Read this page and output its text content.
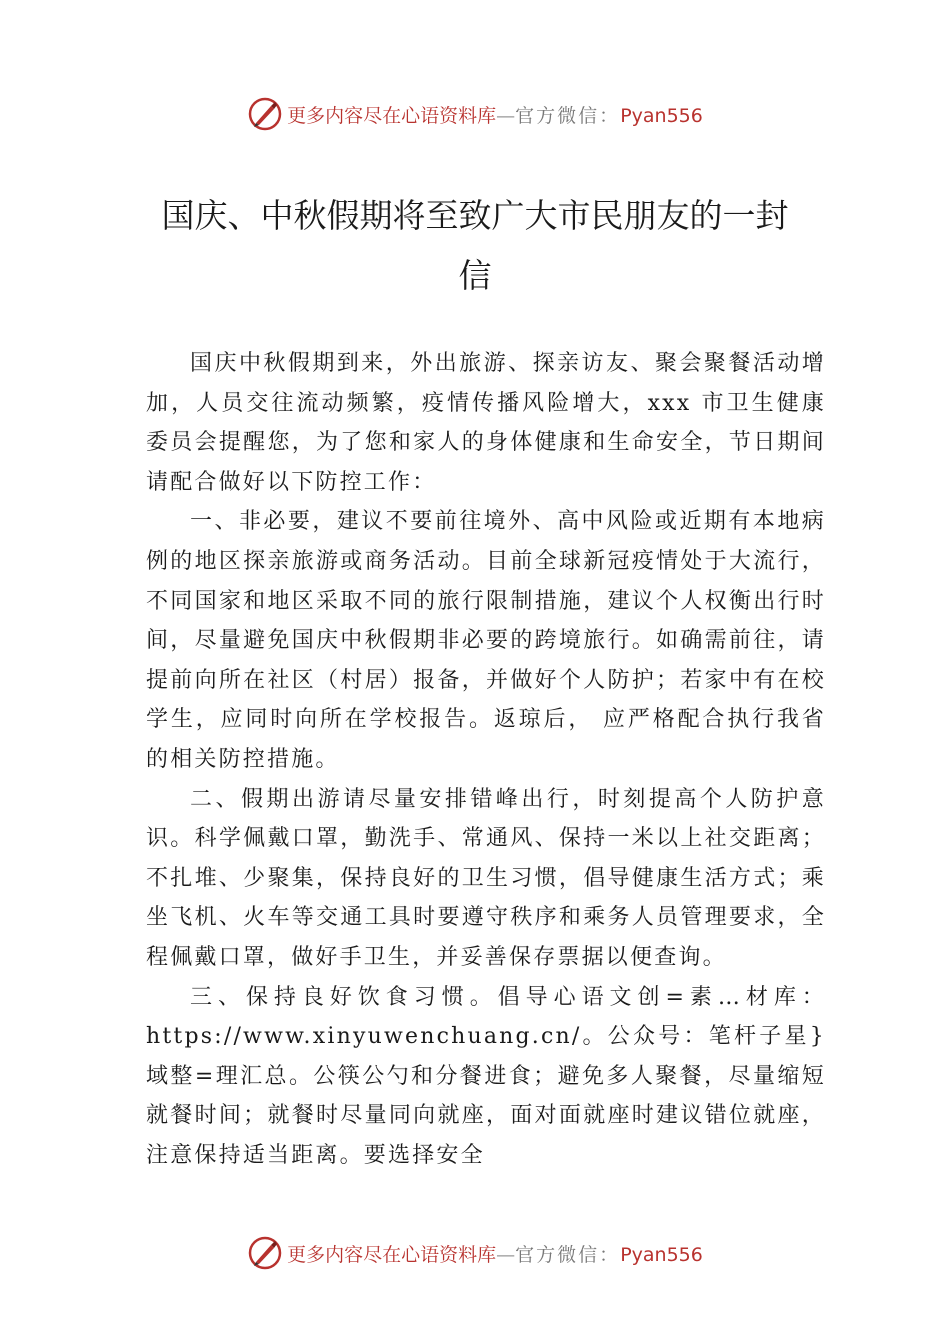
更多内容尽在心语资料库—官方微信：Pyan556
国庆、中秋假期将至致广大市民朋友的一封信

国庆中秋假期到来，外出旅游、探亲访友、聚会聚餐活动增加，人员交往流动频繁，疫情传播风险增大，xxx 市卫生健康委员会提醒您，为了您和家人的身体健康和生命安全，节日期间请配合做好以下防控工作：

一、非必要，建议不要前往境外、高中风险或近期有本地病例的地区探亲旅游或商务活动。目前全球新冠疫情处于大流行，不同国家和地区采取不同的旅行限制措施，建议个人权衡出行时间，尽量避免国庆中秋假期非必要的跨境旅行。如确需前往，请提前向所在社区（村居）报备，并做好个人防护；若家中有在校学生，应同时向所在学校报告。返琼后， 应严格配合执行我省的相关防控措施。

二、假期出游请尽量安排错峰出行，时刻提高个人防护意识。科学佩戴口罩，勤洗手、常通风、保持一米以上社交距离；不扎堆、少聚集，保持良好的卫生习惯，倡导健康生活方式；乘坐飞机、火车等交通工具时要遵守秩序和乘务人员管理要求，全程佩戴口罩，做好手卫生，并妥善保存票据以便查询。

三、保持良好饮食习惯。倡导心语文创=素…材库：https://www.xinyuwenchuang.cn/。公众号：笔杆子星}域整=理汇总。公筷公勺和分餐进食；避免多人聚餐，尽量缩短就餐时间；就餐时尽量同向就座，面对面就座时建议错位就座，注意保持适当距离。要选择安全

更多内容尽在心语资料库—官方微信：Pyan556
